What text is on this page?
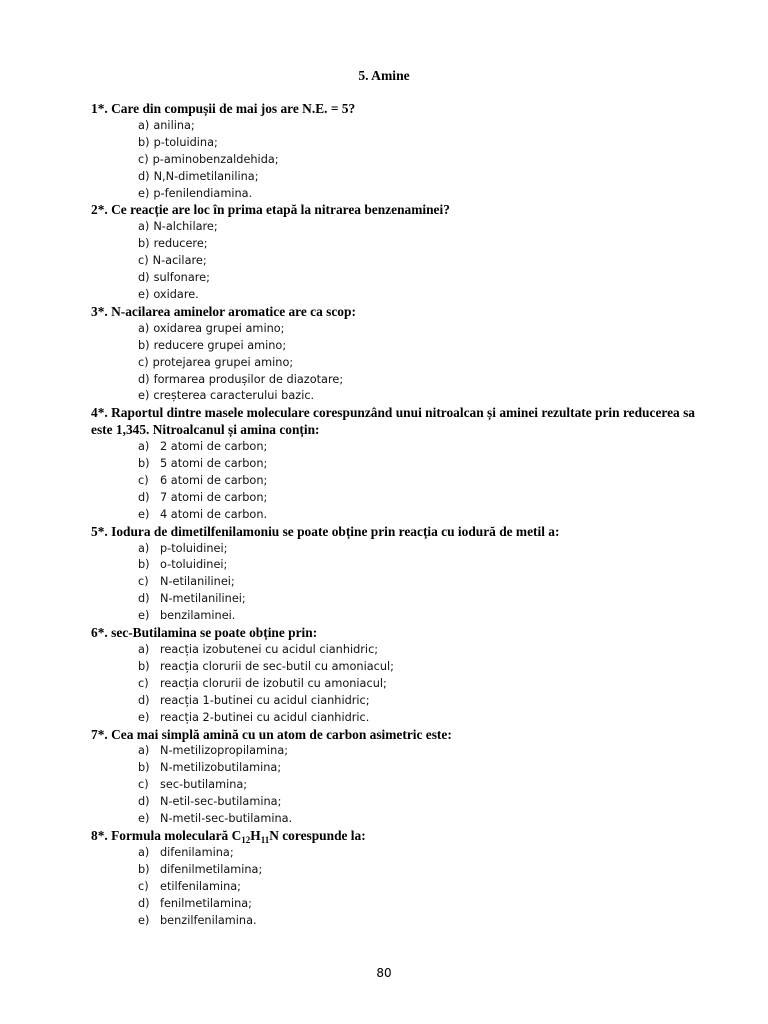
5. Amine

1*. Care din compușii de mai jos are N.E. = 5?

a) anilina;
b) p-toluidina;
c) p-aminobenzaldehida;
d) N,N-dimetilanilina;
e) p-fenilendiamina.

2*. Ce reacție are loc în prima etapă la nitrarea benzenaminei?

a) N-alchilare;
b) reducere;
c) N-acilare;
d) sulfonare;
e) oxidare.

3*. N-acilarea aminelor aromatice are ca scop:

a) oxidarea grupei amino;
b) reducere grupei amino;
c) protejarea grupei amino;
d) formarea produșilor de diazotare;
e) creșterea caracterului bazic.

4*. Raportul dintre masele moleculare corespunzând unui nitroalcan și aminei rezultate prin reducerea sa este 1,345. Nitroalcanul și amina conțin:

a) 2 atomi de carbon;
b) 5 atomi de carbon;
c) 6 atomi de carbon;
d) 7 atomi de carbon;
e) 4 atomi de carbon.

5*. Iodura de dimetilfenilamoniu se poate obține prin reacția cu iodură de metil a:

a) p-toluidinei;
b) o-toluidinei;
c) N-etilanilinei;
d) N-metilanilinei;
e) benzilaminei.

6*. sec-Butilamina se poate obține prin:

a) reacția izobutenei cu acidul cianhidric;
b) reacția clorurii de sec-butil cu amoniacul;
c) reacția clorurii de izobutil cu amoniacul;
d) reacția 1-butinei cu acidul cianhidric;
e) reacția 2-butinei cu acidul cianhidric.

7*. Cea mai simplă amină cu un atom de carbon asimetric este:

a) N-metilizopropilamina;
b) N-metilizobutilamina;
c) sec-butilamina;
d) N-etil-sec-butilamina;
e) N-metil-sec-butilamina.

8*. Formula moleculară $C_{12}H_{11}N$ corespunde la:

a) difenilamina;
b) difenilmetilamina;
c) etilfenilamina;
d) fenilmetilamina;
e) benzilfenilamina.
80
